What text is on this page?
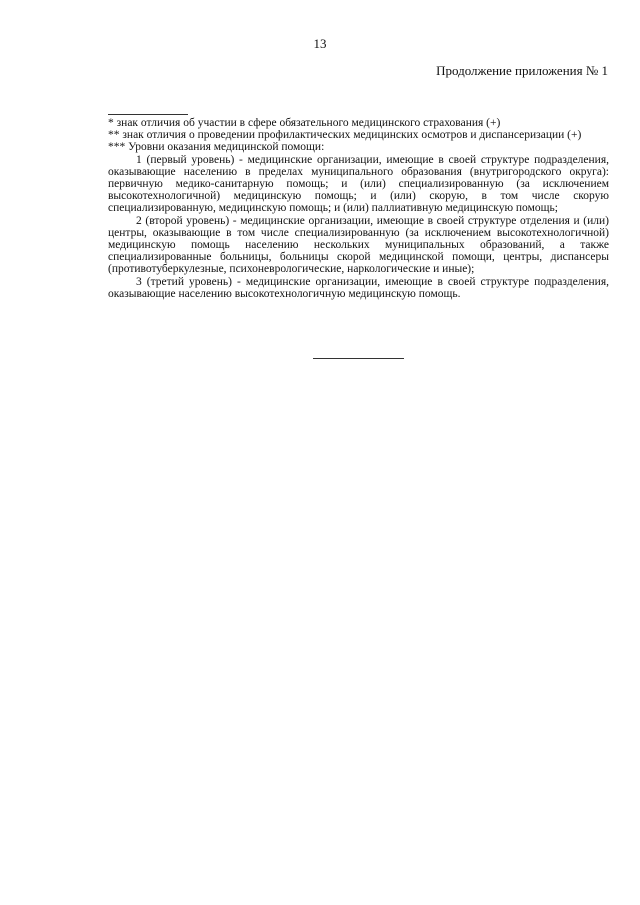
13
Продолжение приложения № 1

* знак отличия об участии в сфере обязательного медицинского страхования (+)

** знак отличия о проведении профилактических медицинских осмотров и диспансеризации (+)

*** Уровни оказания медицинской помощи:

1 (первый уровень) - медицинские организации, имеющие в своей структуре подразделения, оказывающие населению в пределах муниципального образования (внутригородского округа): первичную медико-санитарную помощь; и (или) специализированную (за исключением высокотехнологичной) медицинскую помощь; и (или) скорую, в том числе скорую специализированную, медицинскую помощь; и (или) паллиативную медицинскую помощь;

2 (второй уровень) - медицинские организации, имеющие в своей структуре отделения и (или) центры, оказывающие в том числе специализированную (за исключением высокотехнологичной) медицинскую помощь населению нескольких муниципальных образований, а также специализированные больницы, больницы скорой медицинской помощи, центры, диспансеры (противотуберкулезные, психоневрологические, наркологические и иные);

3 (третий уровень) - медицинские организации, имеющие в своей структуре подразделения, оказывающие населению высокотехнологичную медицинскую помощь.
